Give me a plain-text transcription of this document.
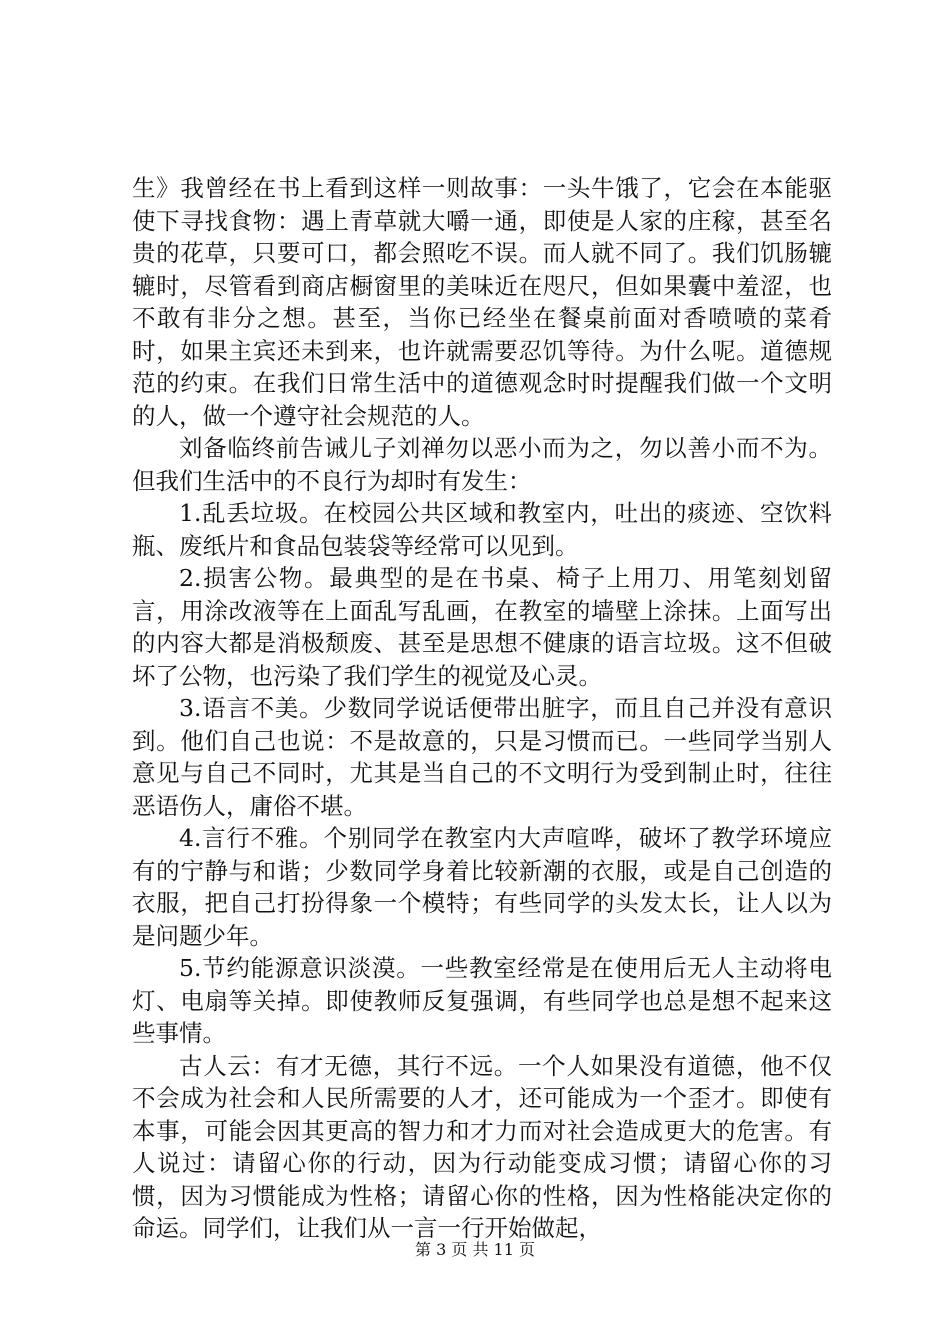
生》我曾经在书上看到这样一则故事：一头牛饿了，它会在本能驱使下寻找食物：遇上青草就大嚼一通，即使是人家的庄稼，甚至名贵的花草，只要可口，都会照吃不误。而人就不同了。我们饥肠辘辘时，尽管看到商店橱窗里的美味近在咫尺，但如果囊中羞涩，也不敢有非分之想。甚至，当你已经坐在餐桌前面对香喷喷的菜肴时，如果主宾还未到来，也许就需要忍饥等待。为什么呢。道德规范的约束。在我们日常生活中的道德观念时时提醒我们做一个文明的人，做一个遵守社会规范的人。

刘备临终前告诫儿子刘禅勿以恶小而为之，勿以善小而不为。但我们生活中的不良行为却时有发生：

1.乱丢垃圾。在校园公共区域和教室内，吐出的痰迹、空饮料瓶、废纸片和食品包装袋等经常可以见到。

2.损害公物。最典型的是在书桌、椅子上用刀、用笔刻划留言，用涂改液等在上面乱写乱画，在教室的墙壁上涂抹。上面写出的内容大都是消极颓废、甚至是思想不健康的语言垃圾。这不但破坏了公物，也污染了我们学生的视觉及心灵。

3.语言不美。少数同学说话便带出脏字，而且自己并没有意识到。他们自己也说：不是故意的，只是习惯而已。一些同学当别人意见与自己不同时，尤其是当自己的不文明行为受到制止时，往往恶语伤人，庸俗不堪。

4.言行不雅。个别同学在教室内大声喧哗，破坏了教学环境应有的宁静与和谐；少数同学身着比较新潮的衣服，或是自己创造的衣服，把自己打扮得象一个模特；有些同学的头发太长，让人以为是问题少年。

5.节约能源意识淡漠。一些教室经常是在使用后无人主动将电灯、电扇等关掉。即使教师反复强调，有些同学也总是想不起来这些事情。

古人云：有才无德，其行不远。一个人如果没有道德，他不仅不会成为社会和人民所需要的人才，还可能成为一个歪才。即使有本事，可能会因其更高的智力和才力而对社会造成更大的危害。有人说过：请留心你的行动，因为行动能变成习惯；请留心你的习惯，因为习惯能成为性格；请留心你的性格，因为性格能决定你的命运。同学们，让我们从一言一行开始做起，

第 3 页 共 11 页
